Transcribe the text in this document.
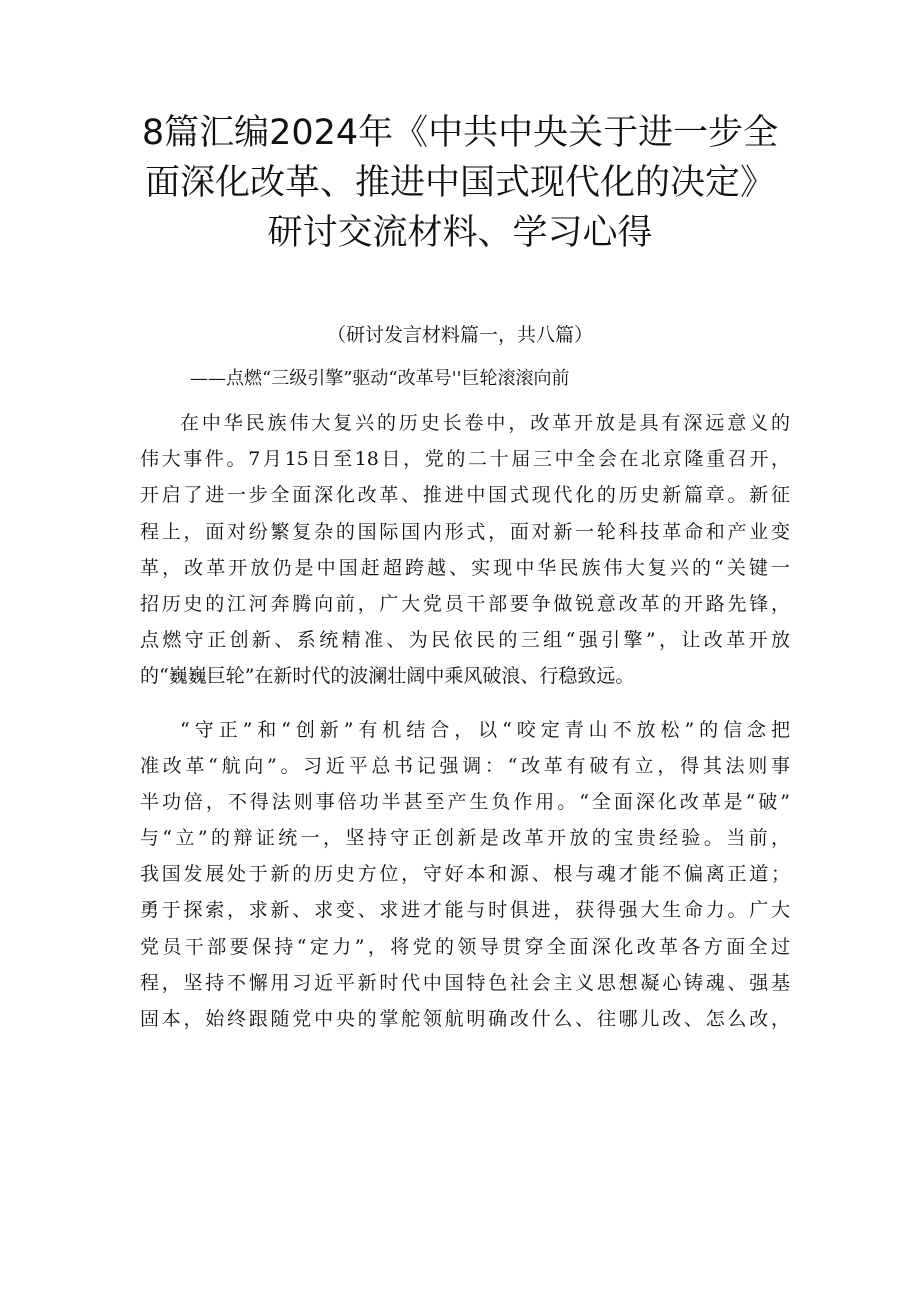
8篇汇编2024年《中共中央关于进一步全
面深化改革、推进中国式现代化的决定》
研讨交流材料、学习心得
（研讨发言材料篇一，共八篇）
——点燃“三级引擎”驱动“改革号''巨轮滚滚向前
在中华民族伟大复兴的历史长卷中，改革开放是具有深远意义的
伟大事件。7月15日至18日，党的二十届三中全会在北京隆重召开，
开启了进一步全面深化改革、推进中国式现代化的历史新篇章。新征
程上，面对纷繁复杂的国际国内形式，面对新一轮科技革命和产业变
革，改革开放仍是中国赶超跨越、实现中华民族伟大复兴的“关键一
招历史的江河奔腾向前，广大党员干部要争做锐意改革的开路先锋，
点燃守正创新、系统精准、为民依民的三组“强引擎”，让改革开放
的“巍巍巨轮”在新时代的波澜壮阔中乘风破浪、行稳致远。
“守正”和“创新”有机结合，以“咬定青山不放松”的信念把
准改革“航向”。习近平总书记强调：“改革有破有立，得其法则事
半功倍，不得法则事倍功半甚至产生负作用。“全面深化改革是“破”
与“立”的辩证统一，坚持守正创新是改革开放的宝贵经验。当前，
我国发展处于新的历史方位，守好本和源、根与魂才能不偏离正道；
勇于探索，求新、求变、求进才能与时俱进，获得强大生命力。广大
党员干部要保持“定力”，将党的领导贯穿全面深化改革各方面全过
程，坚持不懈用习近平新时代中国特色社会主义思想凝心铸魂、强基
固本，始终跟随党中央的掌舵领航明确改什么、往哪儿改、怎么改，
